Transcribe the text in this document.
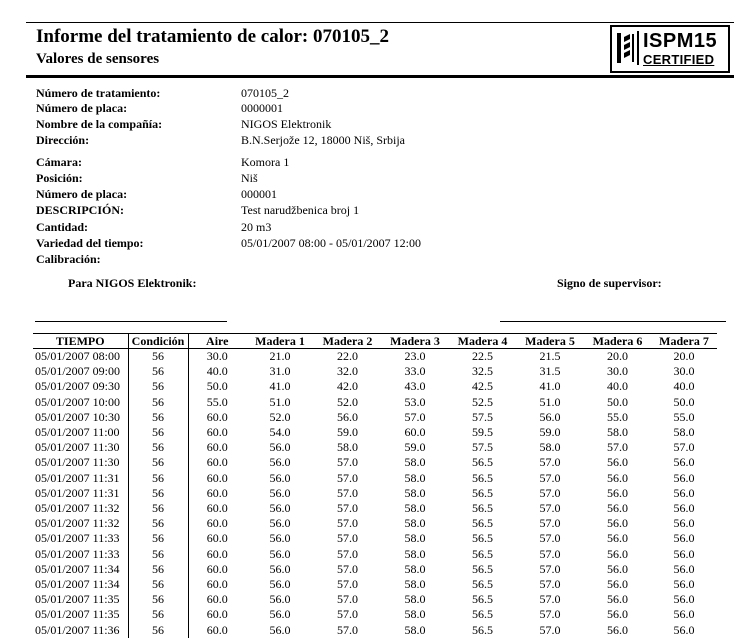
Informe del tratamiento de calor: 070105_2
Valores de sensores
ISPM15
CERTIFIED
Número de tratamiento:	070105_2
Número de placa:	0000001
Nombre de la compañía:	NIGOS Elektronik
Dirección:	B.N.Serjože 12, 18000 Niš, Srbija
Cámara:	Komora 1
Posición:	Niš
Número de placa:	000001
DESCRIPCIÓN:	Test narudžbenica broj 1
Cantidad:	20 m3
Variedad del tiempo:	05/01/2007 08:00 - 05/01/2007 12:00
Calibración:
Para NIGOS Elektronik:	Signo de supervisor:
TIEMPO	Condición	Aire	Madera 1	Madera 2	Madera 3	Madera 4	Madera 5	Madera 6	Madera 7
05/01/2007 08:00	56	30.0	21.0	22.0	23.0	22.5	21.5	20.0	20.0
05/01/2007 09:00	56	40.0	31.0	32.0	33.0	32.5	31.5	30.0	30.0
05/01/2007 09:30	56	50.0	41.0	42.0	43.0	42.5	41.0	40.0	40.0
05/01/2007 10:00	56	55.0	51.0	52.0	53.0	52.5	51.0	50.0	50.0
05/01/2007 10:30	56	60.0	52.0	56.0	57.0	57.5	56.0	55.0	55.0
05/01/2007 11:00	56	60.0	54.0	59.0	60.0	59.5	59.0	58.0	58.0
05/01/2007 11:30	56	60.0	56.0	58.0	59.0	57.5	58.0	57.0	57.0
05/01/2007 11:30	56	60.0	56.0	57.0	58.0	56.5	57.0	56.0	56.0
05/01/2007 11:31	56	60.0	56.0	57.0	58.0	56.5	57.0	56.0	56.0
05/01/2007 11:31	56	60.0	56.0	57.0	58.0	56.5	57.0	56.0	56.0
05/01/2007 11:32	56	60.0	56.0	57.0	58.0	56.5	57.0	56.0	56.0
05/01/2007 11:32	56	60.0	56.0	57.0	58.0	56.5	57.0	56.0	56.0
05/01/2007 11:33	56	60.0	56.0	57.0	58.0	56.5	57.0	56.0	56.0
05/01/2007 11:33	56	60.0	56.0	57.0	58.0	56.5	57.0	56.0	56.0
05/01/2007 11:34	56	60.0	56.0	57.0	58.0	56.5	57.0	56.0	56.0
05/01/2007 11:34	56	60.0	56.0	57.0	58.0	56.5	57.0	56.0	56.0
05/01/2007 11:35	56	60.0	56.0	57.0	58.0	56.5	57.0	56.0	56.0
05/01/2007 11:35	56	60.0	56.0	57.0	58.0	56.5	57.0	56.0	56.0
05/01/2007 11:36	56	60.0	56.0	57.0	58.0	56.5	57.0	56.0	56.0
